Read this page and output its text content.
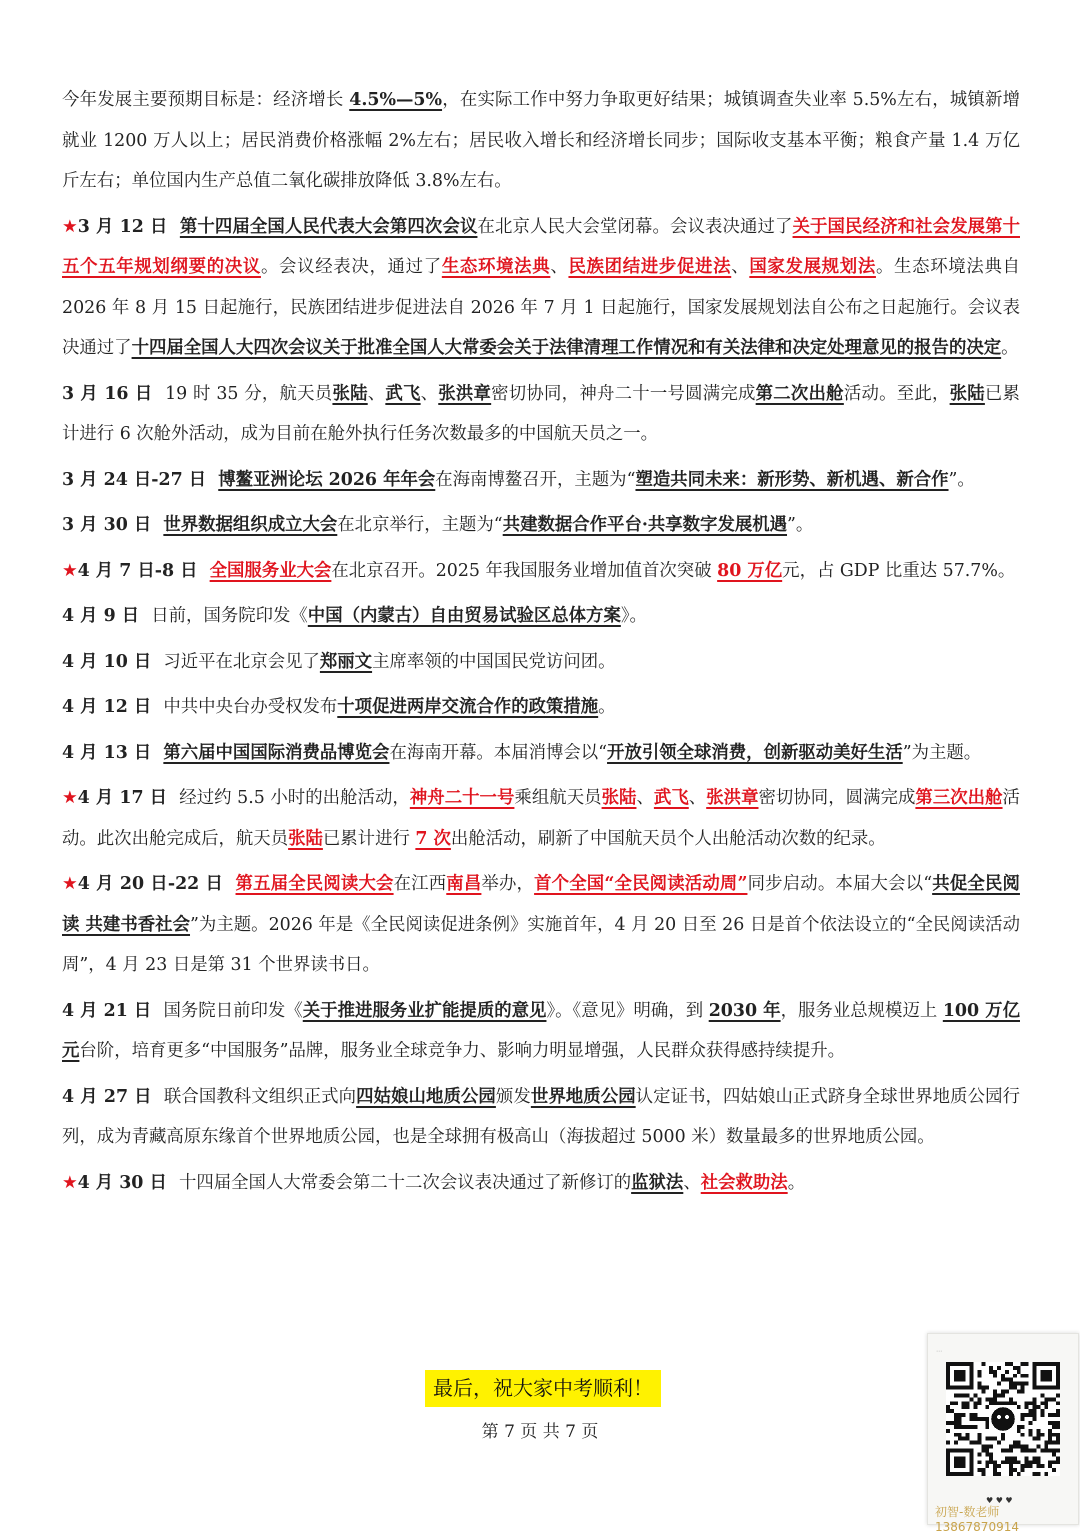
今年发展主要预期目标是：经济增长 4.5%—5%，在实际工作中努力争取更好结果；城镇调查失业率 5.5%左右，城镇新增就业 1200 万人以上；居民消费价格涨幅 2%左右；居民收入增长和经济增长同步；国际收支基本平衡；粮食产量 1.4 万亿斤左右；单位国内生产总值二氧化碳排放降低 3.8%左右。
★3 月 12 日  第十四届全国人民代表大会第四次会议在北京人民大会堂闭幕。会议表决通过了关于国民经济和社会发展第十五个五年规划纲要的决议。会议经表决，通过了生态环境法典、民族团结进步促进法、国家发展规划法。生态环境法典自 2026 年 8 月 15 日起施行，民族团结进步促进法自 2026 年 7 月 1 日起施行，国家发展规划法自公布之日起施行。会议表决通过了十四届全国人大四次会议关于批准全国人大常委会关于法律清理工作情况和有关法律和决定处理意见的报告的决定。
3 月 16 日  19 时 35 分，航天员张陆、武飞、张洪章密切协同，神舟二十一号圆满完成第二次出舱活动。至此，张陆已累计进行 6 次舱外活动，成为目前在舱外执行任务次数最多的中国航天员之一。
3 月 24 日-27 日  博鳌亚洲论坛 2026 年年会在海南博鳌召开，主题为“塑造共同未来：新形势、新机遇、新合作”。
3 月 30 日  世界数据组织成立大会在北京举行，主题为“共建数据合作平台·共享数字发展机遇”。
★4 月 7 日-8 日  全国服务业大会在北京召开。2025 年我国服务业增加值首次突破 80 万亿元，占 GDP 比重达 57.7%。
4 月 9 日  日前，国务院印发《中国（内蒙古）自由贸易试验区总体方案》。
4 月 10 日  习近平在北京会见了郑丽文主席率领的中国国民党访问团。
4 月 12 日  中共中央台办受权发布十项促进两岸交流合作的政策措施。
4 月 13 日  第六届中国国际消费品博览会在海南开幕。本届消博会以“开放引领全球消费，创新驱动美好生活”为主题。
★4 月 17 日  经过约 5.5 小时的出舱活动，神舟二十一号乘组航天员张陆、武飞、张洪章密切协同，圆满完成第三次出舱活动。此次出舱完成后，航天员张陆已累计进行 7 次出舱活动，刷新了中国航天员个人出舱活动次数的纪录。
★4 月 20 日-22 日  第五届全民阅读大会在江西南昌举办，首个全国“全民阅读活动周”同步启动。本届大会以“共促全民阅读 共建书香社会”为主题。2026 年是《全民阅读促进条例》实施首年，4 月 20 日至 26 日是首个依法设立的“全民阅读活动周”，4 月 23 日是第 31 个世界读书日。
4 月 21 日  国务院日前印发《关于推进服务业扩能提质的意见》。《意见》明确，到 2030 年，服务业总规模迈上 100 万亿元台阶，培育更多“中国服务”品牌，服务业全球竞争力、影响力明显增强，人民群众获得感持续提升。
4 月 27 日  联合国教科文组织正式向四姑娘山地质公园颁发世界地质公园认定证书，四姑娘山正式跻身全球世界地质公园行列，成为青藏高原东缘首个世界地质公园，也是全球拥有极高山（海拔超过 5000 米）数量最多的世界地质公园。
★4 月 30 日  十四届全国人大常委会第二十二次会议表决通过了新修订的监狱法、社会救助法。
最后，祝大家中考顺利！
第 7 页 共 7 页
⋯
♥ ♥ ♥
初智-数老师 13867870914
